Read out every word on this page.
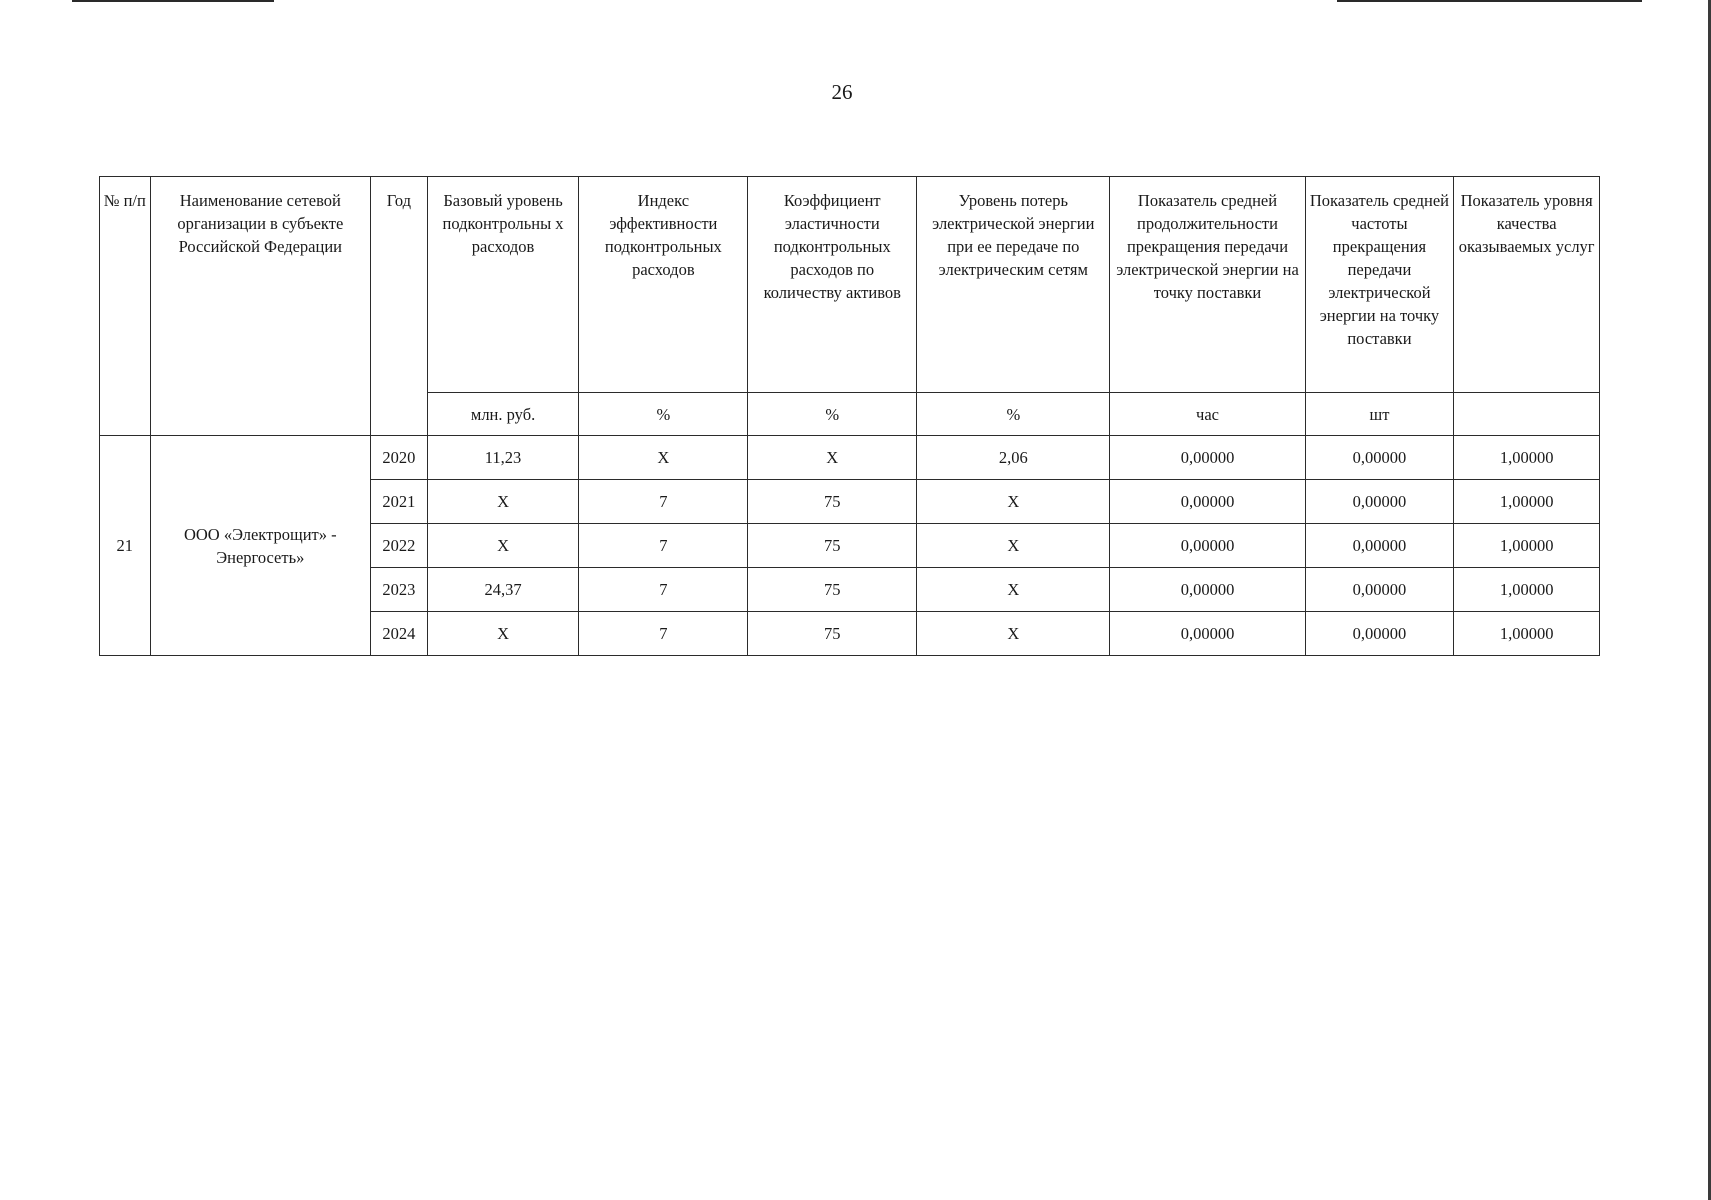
26
№ п/п	Наименование сетевой организации в субъекте Российской Федерации	Год	Базовый уровень подконтрольны х расходов	Индекс эффективности подконтрольных расходов	Коэффициент эластичности подконтрольных расходов по количеству активов	Уровень потерь электрической энергии при ее передаче по электрическим сетям	Показатель средней продолжительности прекращения передачи электрической энергии на точку поставки	Показатель средней частоты прекращения передачи электрической энергии на точку поставки	Показатель уровня качества оказываемых услуг
			млн. руб.	%	%	%	час	шт	
21	ООО «Электрощит» - Энергосеть»	2020	11,23	X	X	2,06	0,00000	0,00000	1,00000
		2021	X	7	75	X	0,00000	0,00000	1,00000
		2022	X	7	75	X	0,00000	0,00000	1,00000
		2023	24,37	7	75	X	0,00000	0,00000	1,00000
		2024	X	7	75	X	0,00000	0,00000	1,00000
